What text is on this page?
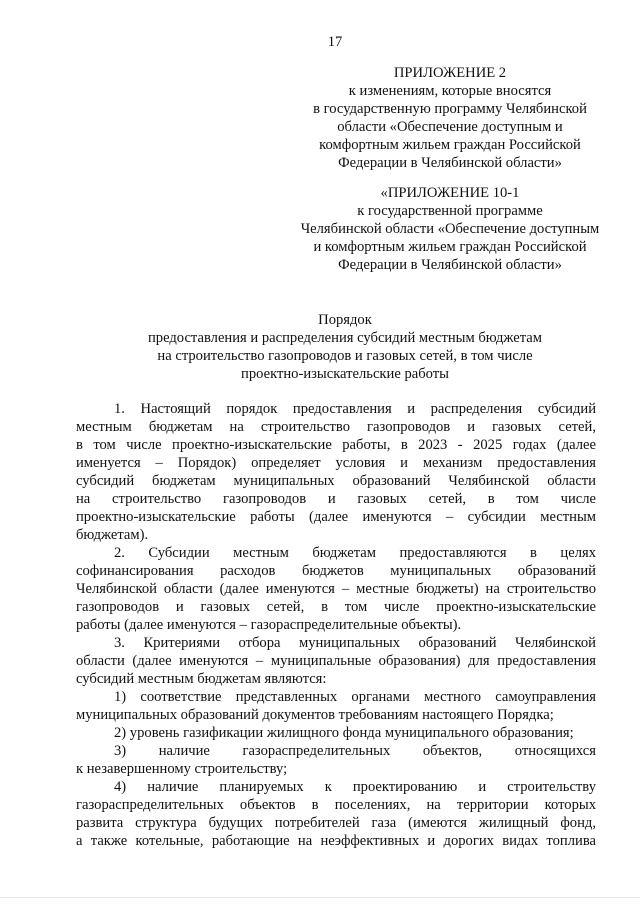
17
ПРИЛОЖЕНИЕ 2
к изменениям, которые вносятся
в государственную программу Челябинской
области «Обеспечение доступным и
комфортным жильем граждан Российской
Федерации в Челябинской области»
«ПРИЛОЖЕНИЕ 10-1
к государственной программе
Челябинской области «Обеспечение доступным
и комфортным жильем граждан Российской
Федерации в Челябинской области»
Порядок
предоставления и распределения субсидий местным бюджетам
на строительство газопроводов и газовых сетей, в том числе
проектно-изыскательские работы
1. Настоящий порядок предоставления и распределения субсидий
местным бюджетам на строительство газопроводов и газовых сетей,
в том числе проектно-изыскательские работы, в 2023 - 2025 годах (далее
именуется – Порядок) определяет условия и механизм предоставления
субсидий бюджетам муниципальных образований Челябинской области
на строительство газопроводов и газовых сетей, в том числе
проектно-изыскательские работы (далее именуются – субсидии местным
бюджетам).
2. Субсидии местным бюджетам предоставляются в целях
софинансирования расходов бюджетов муниципальных образований
Челябинской области (далее именуются – местные бюджеты) на строительство
газопроводов и газовых сетей, в том числе проектно-изыскательские
работы (далее именуются – газораспределительные объекты).
3. Критериями отбора муниципальных образований Челябинской
области (далее именуются – муниципальные образования) для предоставления
субсидий местным бюджетам являются:
1) соответствие представленных органами местного самоуправления
муниципальных образований документов требованиям настоящего Порядка;
2) уровень газификации жилищного фонда муниципального образования;
3) наличие газораспределительных объектов, относящихся
к незавершенному строительству;
4) наличие планируемых к проектированию и строительству
газораспределительных объектов в поселениях, на территории которых
развита структура будущих потребителей газа (имеются жилищный фонд,
а также котельные, работающие на неэффективных и дорогих видах топлива
